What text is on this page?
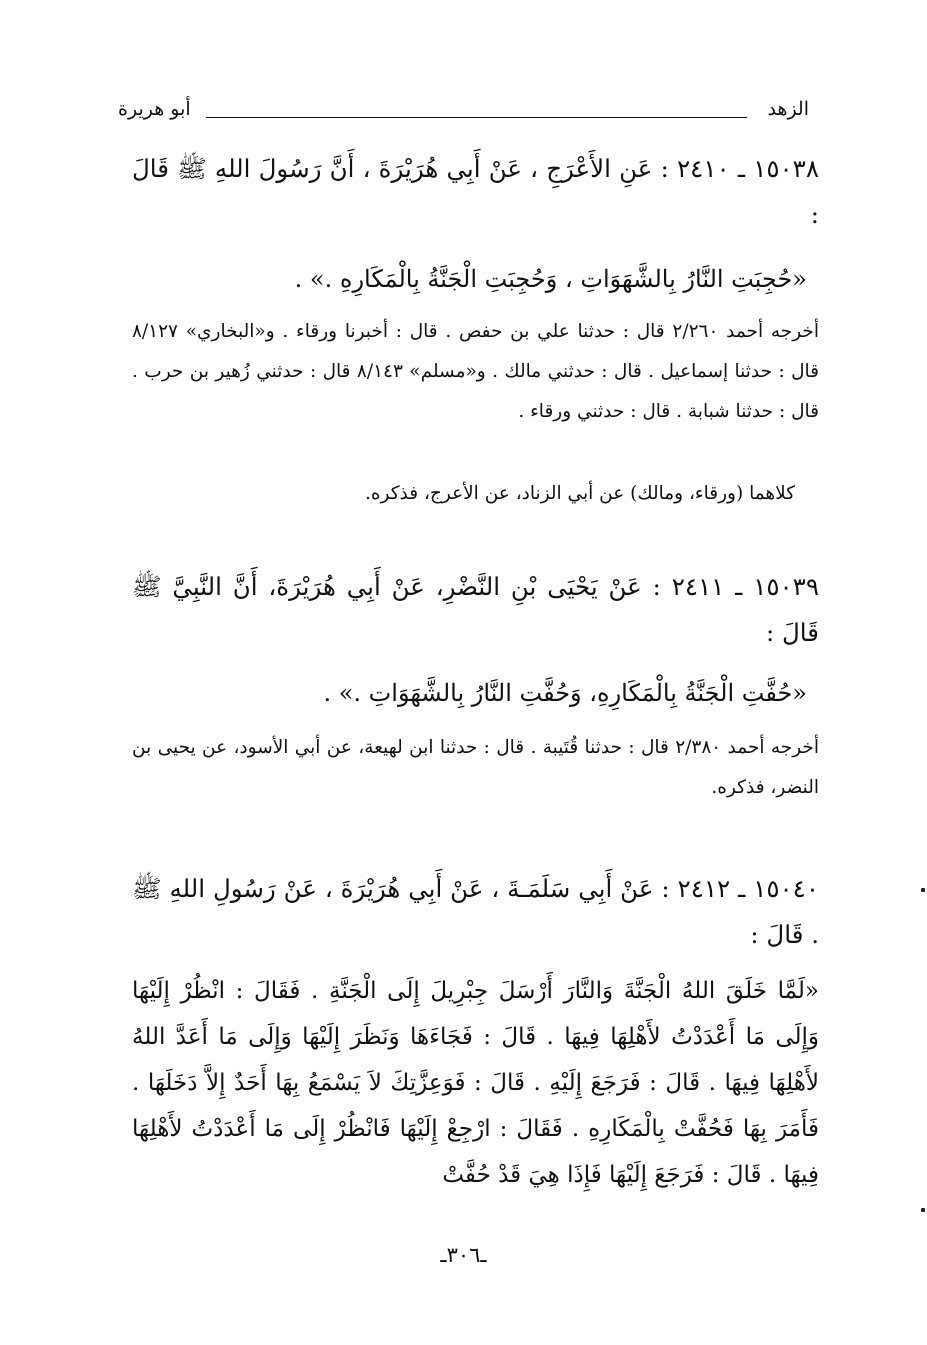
الزهد
أبو هريرة
١٥٠٣٨ ـ ٢٤١٠ : عَنِ الأَعْرَجِ ، عَنْ أَبِي هُرَيْرَةَ ، أَنَّ رَسُولَ اللهِ ﷺ قَالَ :
«حُجِبَتِ النَّارُ بِالشَّهَوَاتِ ، وَحُجِبَتِ الْجَنَّةُ بِالْمَكَارِهِ .» .
أخرجه أحمد ٢/٢٦٠ قال : حدثنا علي بن حفص . قال : أخبرنا ورقاء . و«البخاري» ٨/١٢٧ قال : حدثنا إسماعيل . قال : حدثني مالك . و«مسلم» ٨/١٤٣ قال : حدثني زُهير بن حرب . قال : حدثنا شبابة . قال : حدثني ورقاء .
كلاهما (ورقاء، ومالك) عن أبي الزناد، عن الأعرج، فذكره.
١٥٠٣٩ ـ ٢٤١١ : عَنْ يَحْيَى بْنِ النَّضْرِ، عَنْ أَبِي هُرَيْرَةَ، أَنَّ النَّبِيَّ ﷺ قَالَ :
«حُفَّتِ الْجَنَّةُ بِالْمَكَارِهِ، وَحُفَّتِ النَّارُ بِالشَّهَوَاتِ .» .
أخرجه أحمد ٢/٣٨٠ قال : حدثنا قُتَيبة . قال : حدثنا ابن لهيعة، عن أبي الأسود، عن يحيى بن النضر، فذكره.
١٥٠٤٠ ـ ٢٤١٢ : عَنْ أَبِي سَلَمَـةَ ، عَنْ أَبِي هُرَيْرَةَ ، عَنْ رَسُولِ اللهِ ﷺ . قَالَ :
«لَمَّا خَلَقَ اللهُ الْجَنَّةَ وَالنَّارَ أَرْسَلَ جِبْرِيلَ إِلَى الْجَنَّةِ . فَقَالَ : انْظُرْ إِلَيْهَا وَإِلَى مَا أَعْدَدْتُ لأَهْلِهَا فِيهَا . قَالَ : فَجَاءَهَا وَنَظَرَ إِلَيْهَا وَإِلَى مَا أَعَدَّ اللهُ لأَهْلِهَا فِيهَا . قَالَ : فَرَجَعَ إِلَيْهِ . قَالَ : فَوَعِزَّتِكَ لاَ يَسْمَعُ بِهَا أَحَدٌ إِلاَّ دَخَلَهَا . فَأَمَرَ بِهَا فَحُفَّتْ بِالْمَكَارِهِ . فَقَالَ : ارْجِعْ إِلَيْهَا فَانْظُرْ إِلَى مَا أَعْدَدْتُ لأَهْلِهَا فِيهَا . قَالَ : فَرَجَعَ إِلَيْهَا فَإِذَا هِيَ قَدْ حُفَّتْ
ـ٣٠٦ـ
